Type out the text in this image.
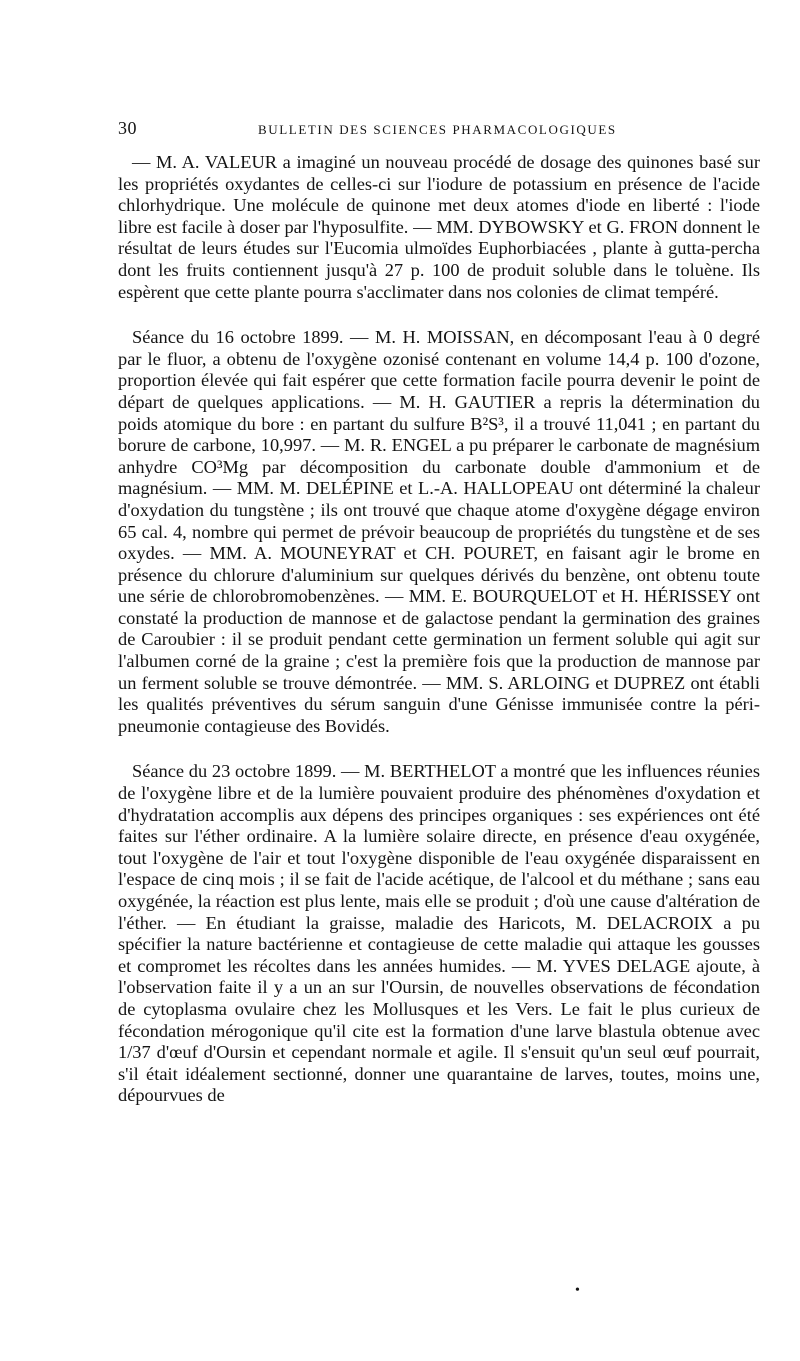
30	BULLETIN DES SCIENCES PHARMACOLOGIQUES

— M. A. VALEUR a imaginé un nouveau procédé de dosage des quinones basé sur les propriétés oxydantes de celles-ci sur l'iodure de potassium en présence de l'acide chlorhydrique. Une molécule de quinone met deux atomes d'iode en liberté : l'iode libre est facile à doser par l'hyposulfite. — MM. DYBOWSKY et G. FRON donnent le résultat de leurs études sur l'Eucomia ulmoïdes Euphorbiacées , plante à gutta-percha dont les fruits contiennent jusqu'à 27 p. 100 de produit soluble dans le toluène. Ils espèrent que cette plante pourra s'acclimater dans nos colonies de climat tempéré.

Séance du 16 octobre 1899. — M. H. MOISSAN, en décomposant l'eau à 0 degré par le fluor, a obtenu de l'oxygène ozonisé contenant en volume 14,4 p. 100 d'ozone, proportion élevée qui fait espérer que cette formation facile pourra devenir le point de départ de quelques applications. — M. H. GAUTIER a repris la détermination du poids atomique du bore : en partant du sulfure B²S³, il a trouvé 11,041 ; en partant du borure de carbone, 10,997. — M. R. ENGEL a pu préparer le carbonate de magnésium anhydre CO³Mg par décomposition du carbonate double d'ammonium et de magnésium. — MM. M. DELÉPINE et L.-A. HALLOPEAU ont déterminé la chaleur d'oxydation du tungstène ; ils ont trouvé que chaque atome d'oxygène dégage environ 65 cal. 4, nombre qui permet de prévoir beaucoup de propriétés du tungstène et de ses oxydes. — MM. A. MOUNEYRAT et CH. POURET, en faisant agir le brome en présence du chlorure d'aluminium sur quelques dérivés du benzène, ont obtenu toute une série de chlorobromobenzènes. — MM. E. BOURQUELOT et H. HÉRISSEY ont constaté la production de mannose et de galactose pendant la germination des graines de Caroubier : il se produit pendant cette germination un ferment soluble qui agit sur l'albumen corné de la graine ; c'est la première fois que la production de mannose par un ferment soluble se trouve démontrée. — MM. S. ARLOING et DUPREZ ont établi les qualités préventives du sérum sanguin d'une Génisse immunisée contre la péri-pneumonie contagieuse des Bovidés.

Séance du 23 octobre 1899. — M. BERTHELOT a montré que les influences réunies de l'oxygène libre et de la lumière pouvaient produire des phénomènes d'oxydation et d'hydratation accomplis aux dépens des principes organiques : ses expériences ont été faites sur l'éther ordinaire. A la lumière solaire directe, en présence d'eau oxygénée, tout l'oxygène de l'air et tout l'oxygène disponible de l'eau oxygénée disparaissent en l'espace de cinq mois ; il se fait de l'acide acétique, de l'alcool et du méthane ; sans eau oxygénée, la réaction est plus lente, mais elle se produit ; d'où une cause d'altération de l'éther. — En étudiant la graisse, maladie des Haricots, M. DELACROIX a pu spécifier la nature bactérienne et contagieuse de cette maladie qui attaque les gousses et compromet les récoltes dans les années humides. — M. YVES DELAGE ajoute, à l'observation faite il y a un an sur l'Oursin, de nouvelles observations de fécondation de cytoplasma ovulaire chez les Mollusques et les Vers. Le fait le plus curieux de fécondation mérogonique qu'il cite est la formation d'une larve blastula obtenue avec 1/37 d'œuf d'Oursin et cependant normale et agile. Il s'ensuit qu'un seul œuf pourrait, s'il était idéalement sectionné, donner une quarantaine de larves, toutes, moins une, dépourvues de

•
